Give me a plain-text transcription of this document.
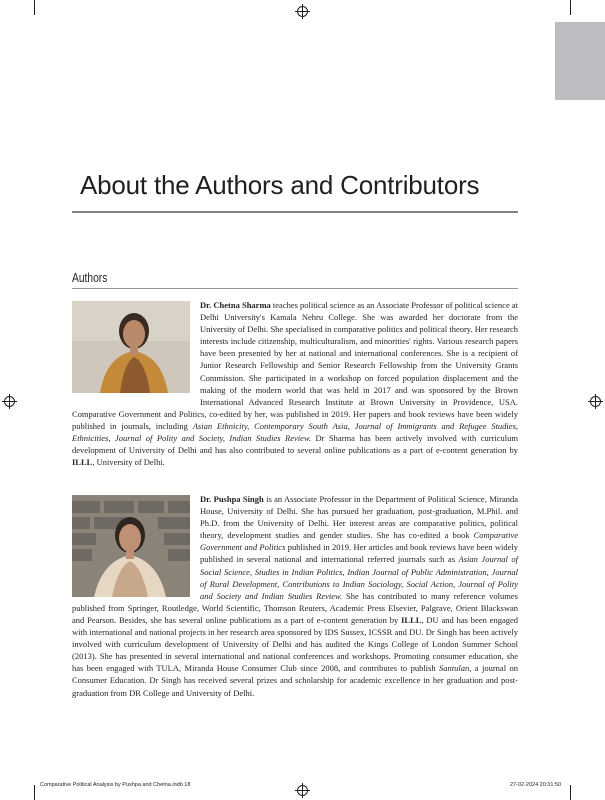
About the Authors and Contributors
Authors

Dr. Chetna Sharma teaches political science as an Associate Professor of political science at Delhi University's Kamala Nehru College. She was awarded her doctorate from the University of Delhi. She specialised in comparative politics and political theory. Her research interests include citizenship, multiculturalism, and minorities' rights. Various research papers have been presented by her at national and international conferences. She is a recipient of Junior Research Fellowship and Senior Research Fellowship from the University Grants Commission. She participated in a workshop on forced population displacement and the making of the modern world that was held in 2017 and was sponsored by the Brown International Advanced Research Institute at Brown University in Providence, USA. Comparative Government and Politics, co-edited by her, was published in 2019. Her papers and book reviews have been widely published in journals, including Asian Ethnicity, Contemporary South Asia, Journal of Immigrants and Refugee Studies, Ethnicities, Journal of Polity and Society, Indian Studies Review. Dr Sharma has been actively involved with curriculum development of University of Delhi and has also contributed to several online publications as a part of e-content generation by ILLL, University of Delhi.

Dr. Pushpa Singh is an Associate Professor in the Department of Political Science, Miranda House, University of Delhi. She has pursued her graduation, post-graduation, M.Phil. and Ph.D. from the University of Delhi. Her interest areas are comparative politics, political theory, development studies and gender studies. She has co-edited a book Comparative Government and Politics published in 2019. Her articles and book reviews have been widely published in several national and international referred journals such as Asian Journal of Social Science, Studies in Indian Politics, Indian Journal of Public Administration, Journal of Rural Development, Contributions to Indian Sociology, Social Action, Journal of Polity and Society and Indian Studies Review. She has contributed to many reference volumes published from Springer, Routledge, World Scientific, Thomson Reuters, Academic Press Elsevier, Palgrave, Orient Blackswan and Pearson. Besides, she has several online publications as a part of e-content generation by ILLL, DU and has been engaged with international and national projects in her research area sponsored by IDS Sussex, ICSSR and DU. Dr Singh has been actively involved with curriculum development of University of Delhi and has audited the Kings College of London Summer School (2013). She has presented in several international and national conferences and workshops. Promoting consumer education, she has been engaged with TULA, Miranda House Consumer Club since 2008, and contributes to publish Santulan, a journal on Consumer Education. Dr Singh has received several prizes and scholarship for academic excellence in her graduation and post-graduation from DR College and University of Delhi.

Comparative Political Analysis by Pushpa and Chetna.indb 18	27-02-2024 20:31:50
